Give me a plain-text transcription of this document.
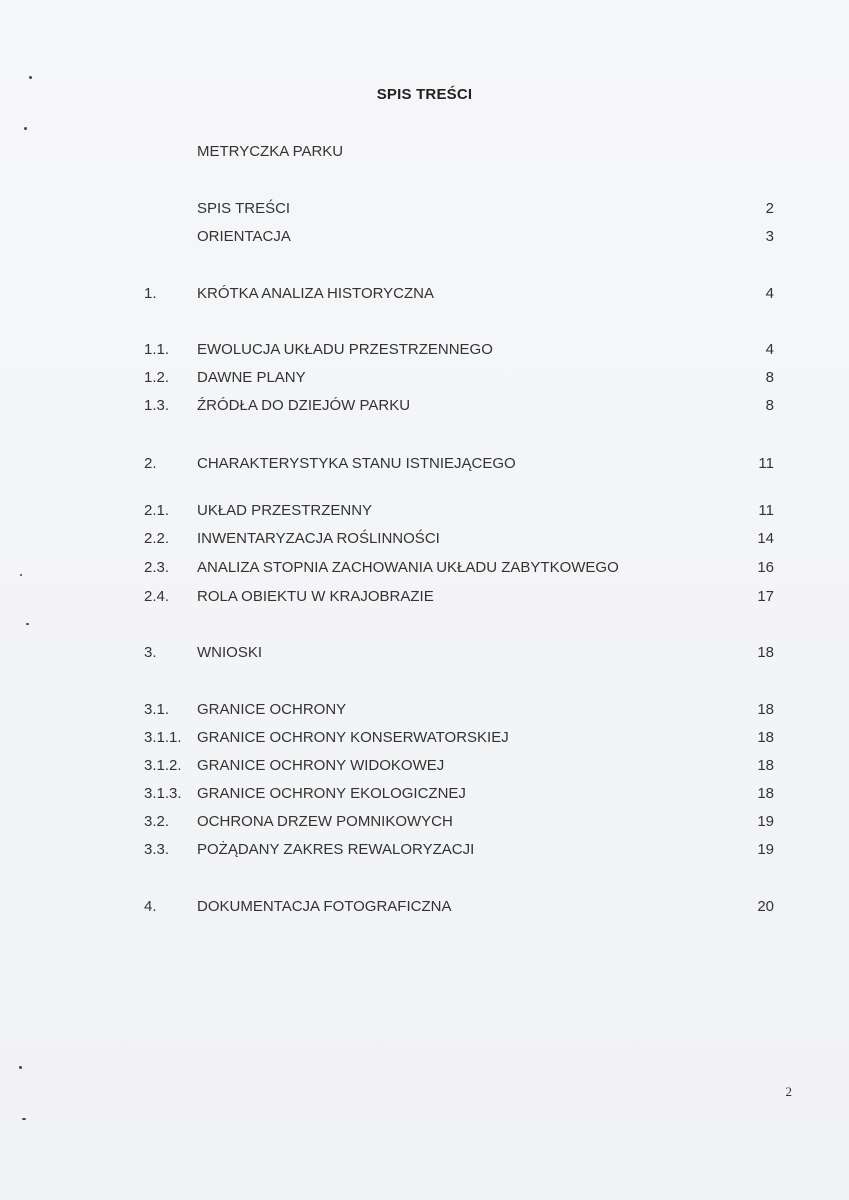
SPIS TREŚCI
METRYCZKA PARKU
SPIS TREŚCI	2
ORIENTACJA	3
1.	KRÓTKA ANALIZA HISTORYCZNA	4
1.1. EWOLUCJA UKŁADU PRZESTRZENNEGO	4
1.2. DAWNE PLANY	8
1.3. ŹRÓDŁA DO DZIEJÓW PARKU	8
2.	CHARAKTERYSTYKA STANU ISTNIEJĄCEGO	11
2.1. UKŁAD PRZESTRZENNY	11
2.2. INWENTARYZACJA ROŚLINNOŚCI	14
2.3. ANALIZA STOPNIA ZACHOWANIA UKŁADU ZABYTKOWEGO	16
2.4. ROLA OBIEKTU W KRAJOBRAZIE	17
3.	WNIOSKI	18
3.1. GRANICE OCHRONY	18
3.1.1. GRANICE OCHRONY KONSERWATORSKIEJ	18
3.1.2. GRANICE OCHRONY WIDOKOWEJ	18
3.1.3. GRANICE OCHRONY EKOLOGICZNEJ	18
3.2. OCHRONA DRZEW POMNIKOWYCH	19
3.3. POŻĄDANY ZAKRES REWALORYZACJI	19
4.	DOKUMENTACJA FOTOGRAFICZNA	20
2
